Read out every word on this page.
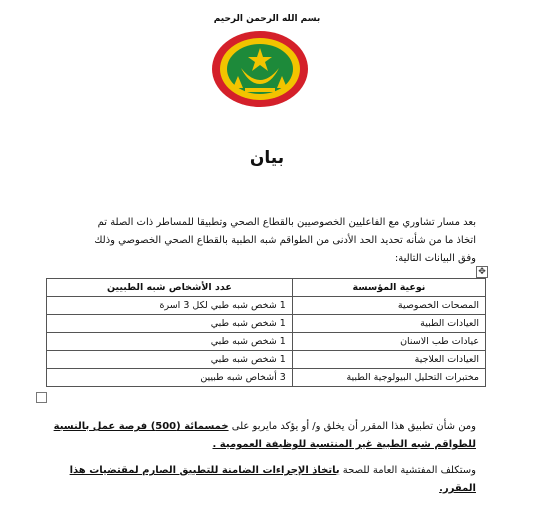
بسم الله الرحمن الرحيم
بيان

بعد مسار تشاوري مع الفاعليين الخصوصيين بالقطاع الصحي وتطبيقا للمساطر ذات الصلة تم

اتخاذ ما من شأنه تحديد الحد الأدنى من الطواقم شبه الطبية بالقطاع الصحي الخصوصي وذلك

وفق البيانات التالية:

✥
نوعية المؤسسة	عدد الأشخاص شبه الطبيين
المصحات الخصوصية	1 شخص شبه طبي لكل 3 اسرة
العيادات الطبية	1 شخص شبه طبي
عيادات طب الاسنان	1 شخص شبه طبي
العيادات العلاجية	1 شخص شبه طبي
مختبرات التحليل البيولوجية الطبية	3 أشخاص شبه طبيين

ومن شأن تطبيق هذا المقرر أن يخلق و/ أو يؤكد مايربو على خمسمائة (500) فرصة عمل بالنسبة

للطواقم شبه الطبية غير المنتسبة للوظيفة العمومية .

وستكلف المفتشية العامة للصحة باتخاذ الإجراءات الضامنة للتطبيق الصارم لمقتضيات هذا

المقرر.
